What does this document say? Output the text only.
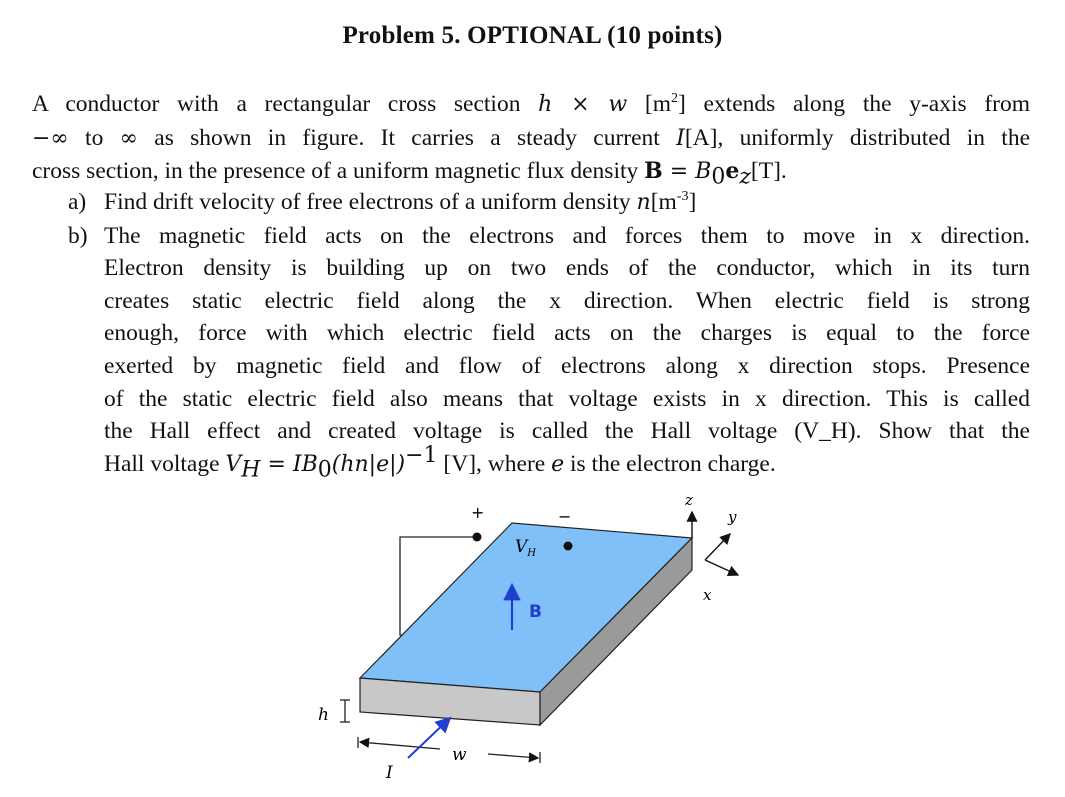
Problem 5. OPTIONAL (10 points)
A conductor with a rectangular cross section h × w $[m^2]$ extends along the y-axis from
−∞ to ∞ as shown in figure. It carries a steady current I[A], uniformly distributed in the
cross section, in the presence of a uniform magnetic flux density $B = B_0e_z[T]$.
a) Find drift velocity of free electrons of a uniform density $n[m^{-3}]$
b) The magnetic field acts on the electrons and forces them to move in x direction.
Electron density is building up on two ends of the conductor, which in its turn
creates static electric field along the x direction. When electric field is strong
enough, force with which electric field acts on the charges is equal to the force
exerted by magnetic field and flow of electrons along x direction stops. Presence
of the static electric field also means that voltage exists in x direction. This is called
the Hall effect and created voltage is called the Hall voltage (V_H). Show that the
Hall voltage $V_H = IB_0(hn|e|)^{-1}$ [V], where e is the electron charge.
+	−
$V_H$
B
h
w
I
z
y
x
